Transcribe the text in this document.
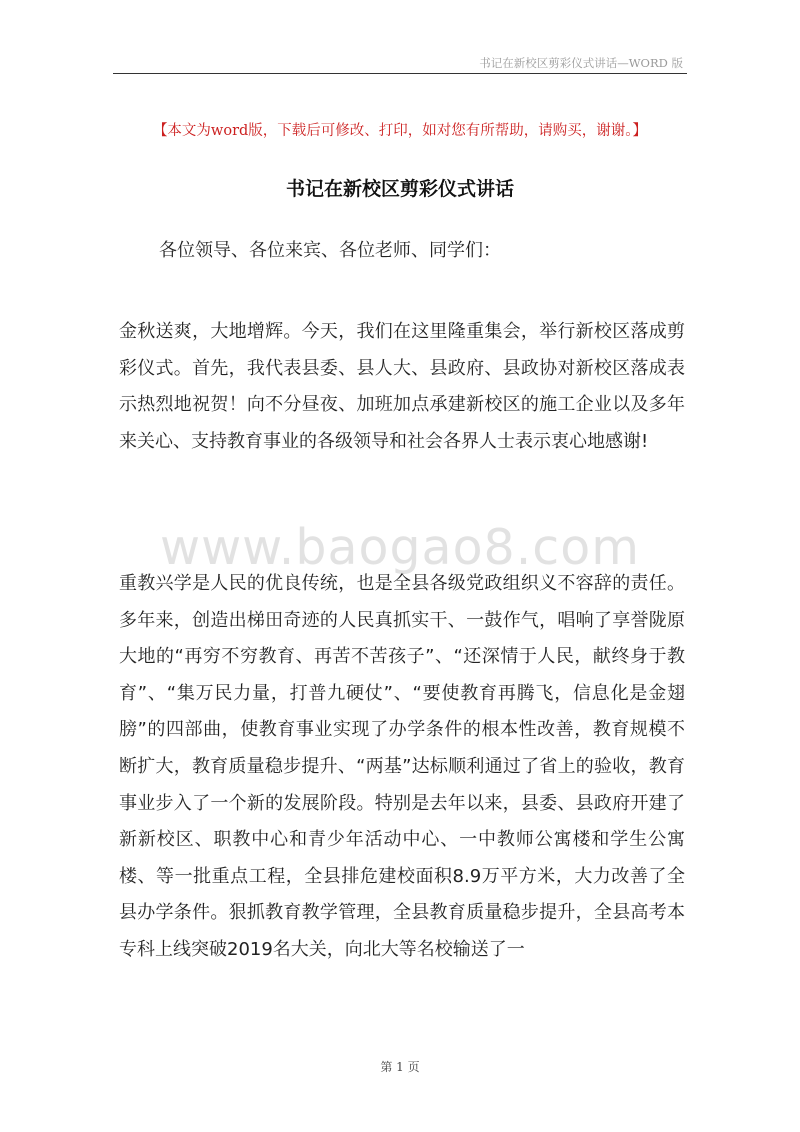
书记在新校区剪彩仪式讲话—WORD 版
【本文为word版，下载后可修改、打印，如对您有所帮助，请购买，谢谢。】
书记在新校区剪彩仪式讲话
各位领导、各位来宾、各位老师、同学们：
金秋送爽，大地增辉。今天，我们在这里隆重集会，举行新校区落成剪彩仪式。首先，我代表县委、县人大、县政府、县政协对新校区落成表示热烈地祝贺！向不分昼夜、加班加点承建新校区的施工企业以及多年来关心、支持教育事业的各级领导和社会各界人士表示衷心地感谢!
www.baogao8.com
重教兴学是人民的优良传统，也是全县各级党政组织义不容辞的责任。多年来，创造出梯田奇迹的人民真抓实干、一鼓作气，唱响了享誉陇原大地的“再穷不穷教育、再苦不苦孩子”、“还深情于人民，献终身于教育”、“集万民力量，打普九硬仗”、“要使教育再腾飞，信息化是金翅膀”的四部曲，使教育事业实现了办学条件的根本性改善，教育规模不断扩大，教育质量稳步提升、“两基”达标顺利通过了省上的验收，教育事业步入了一个新的发展阶段。特别是去年以来，县委、县政府开建了新新校区、职教中心和青少年活动中心、一中教师公寓楼和学生公寓楼、等一批重点工程，全县排危建校面积8.9万平方米，大力改善了全县办学条件。狠抓教育教学管理，全县教育质量稳步提升，全县高考本专科上线突破2019名大关，向北大等名校输送了一
第 1 页
